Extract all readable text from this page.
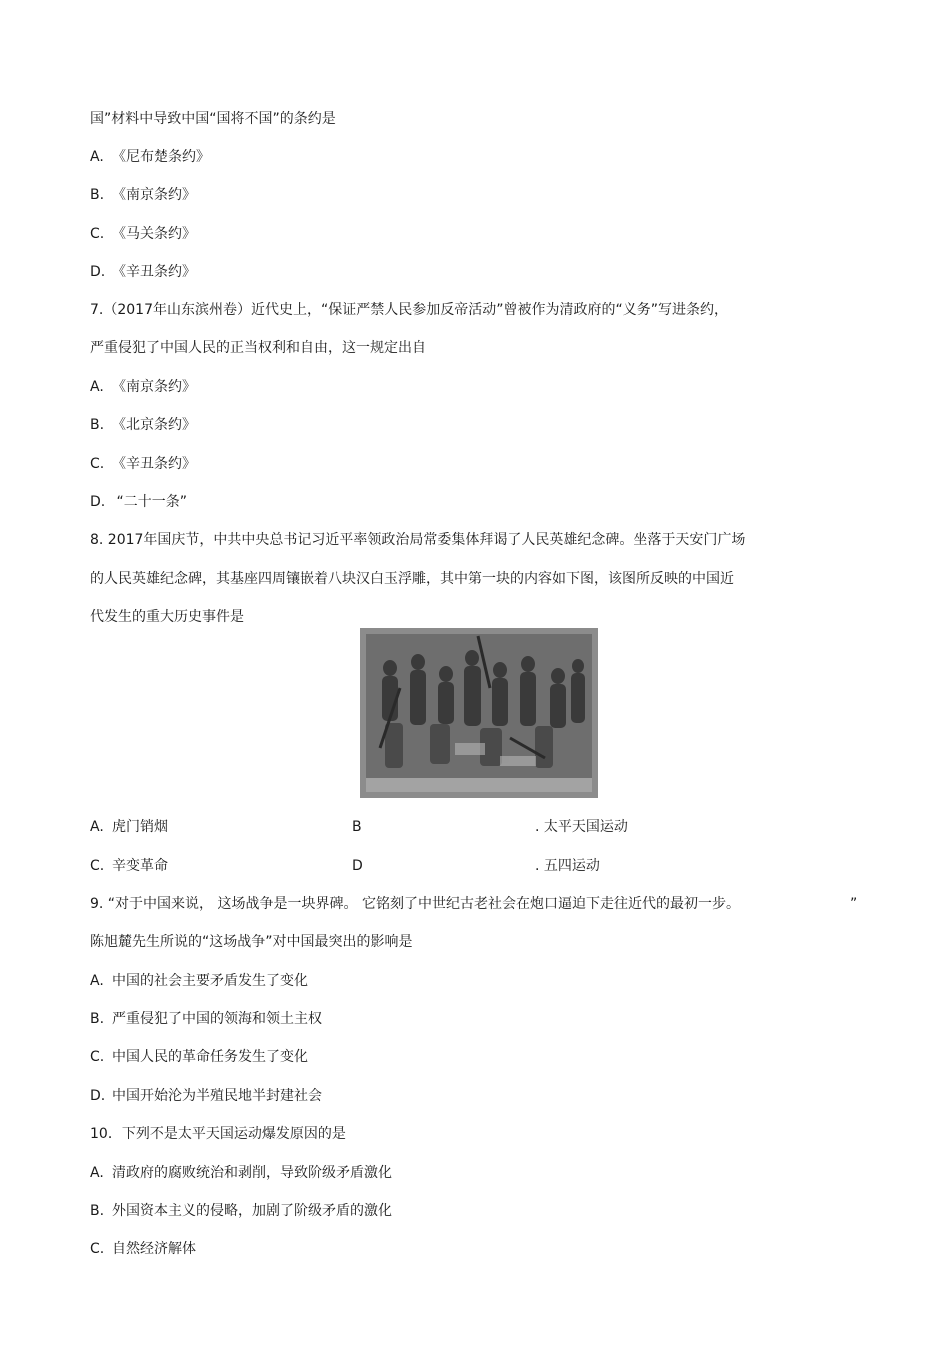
国”材料中导致中国“国将不国”的条约是
A. 《尼布楚条约》
B. 《南京条约》
C. 《马关条约》
D. 《辛丑条约》
7.（2017年山东滨州卷）近代史上，“保证严禁人民参加反帝活动”曾被作为清政府的“义务”写进条约，
严重侵犯了中国人民的正当权利和自由，这一规定出自
A. 《南京条约》
B. 《北京条约》
C. 《辛丑条约》
D. “二十一条”
8. 2017年国庆节，中共中央总书记习近平率领政治局常委集体拜谒了人民英雄纪念碑。坐落于天安门广场
的人民英雄纪念碑，其基座四周镶嵌着八块汉白玉浮雕，其中第一块的内容如下图，该图所反映的中国近
代发生的重大历史事件是
A. 虎门销烟	B	. 太平天国运动
C. 辛变革命	D	. 五四运动
9. “对于中国来说， 这场战争是一块界碑。 它铭刻了中世纪古老社会在炮口逼迫下走往近代的最初一步。	”
陈旭麓先生所说的“这场战争”对中国最突出的影响是
A. 中国的社会主要矛盾发生了变化
B. 严重侵犯了中国的领海和领土主权
C. 中国人民的革命任务发生了变化
D. 中国开始沦为半殖民地半封建社会
10．下列不是太平天国运动爆发原因的是
A. 清政府的腐败统治和剥削，导致阶级矛盾激化
B. 外国资本主义的侵略，加剧了阶级矛盾的激化
C. 自然经济解体
